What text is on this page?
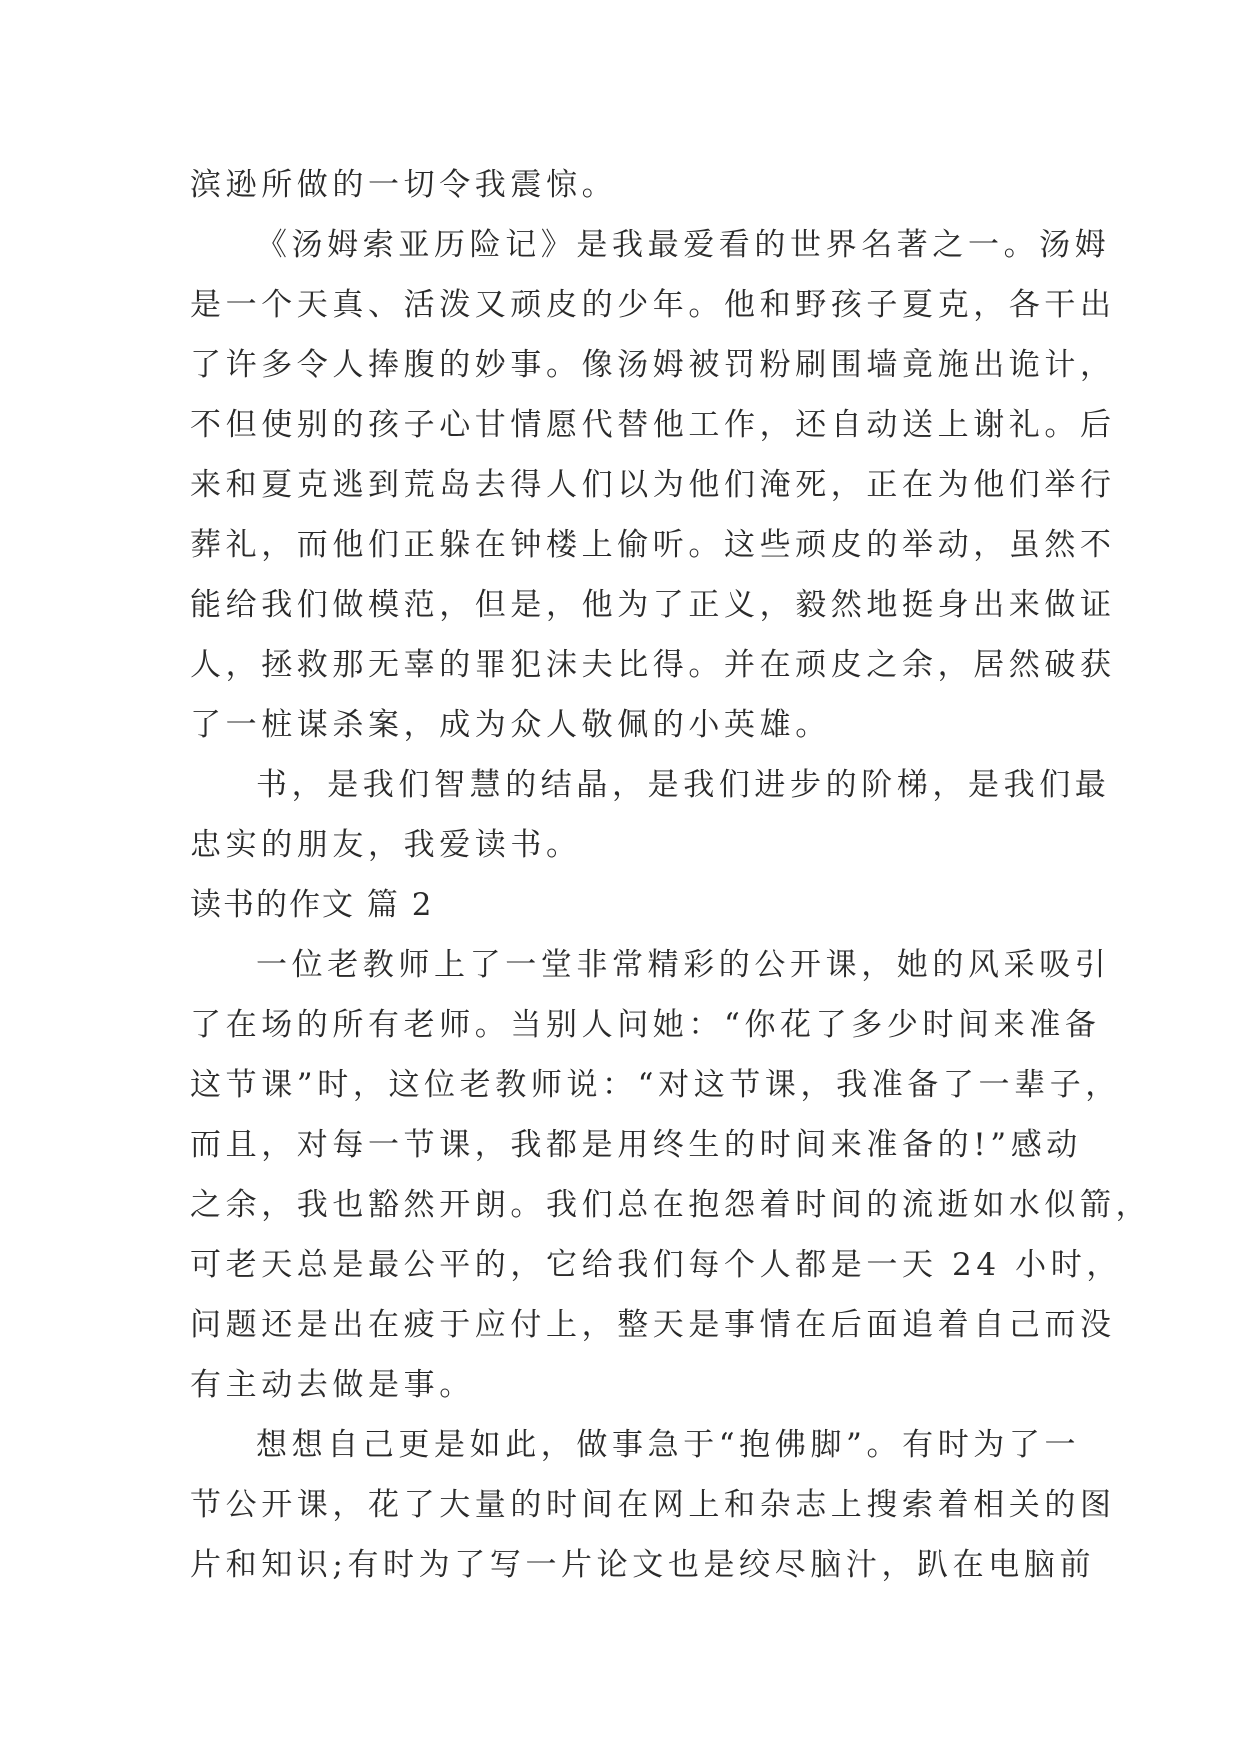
滨逊所做的一切令我震惊。
《汤姆索亚历险记》是我最爱看的世界名著之一。汤姆
是一个天真、活泼又顽皮的少年。他和野孩子夏克，各干出
了许多令人捧腹的妙事。像汤姆被罚粉刷围墙竟施出诡计，
不但使别的孩子心甘情愿代替他工作，还自动送上谢礼。后
来和夏克逃到荒岛去得人们以为他们淹死，正在为他们举行
葬礼，而他们正躲在钟楼上偷听。这些顽皮的举动，虽然不
能给我们做模范，但是，他为了正义，毅然地挺身出来做证
人，拯救那无辜的罪犯沫夫比得。并在顽皮之余，居然破获
了一桩谋杀案，成为众人敬佩的小英雄。
书，是我们智慧的结晶，是我们进步的阶梯，是我们最
忠实的朋友，我爱读书。
读书的作文 篇 2
一位老教师上了一堂非常精彩的公开课，她的风采吸引
了在场的所有老师。当别人问她：“你花了多少时间来准备
这节课”时，这位老教师说：“对这节课，我准备了一辈子，
而且，对每一节课，我都是用终生的时间来准备的!”感动
之余，我也豁然开朗。我们总在抱怨着时间的流逝如水似箭，
可老天总是最公平的，它给我们每个人都是一天 24 小时，
问题还是出在疲于应付上，整天是事情在后面追着自己而没
有主动去做是事。
想想自己更是如此，做事急于“抱佛脚”。有时为了一
节公开课，花了大量的时间在网上和杂志上搜索着相关的图
片和知识;有时为了写一片论文也是绞尽脑汁，趴在电脑前
